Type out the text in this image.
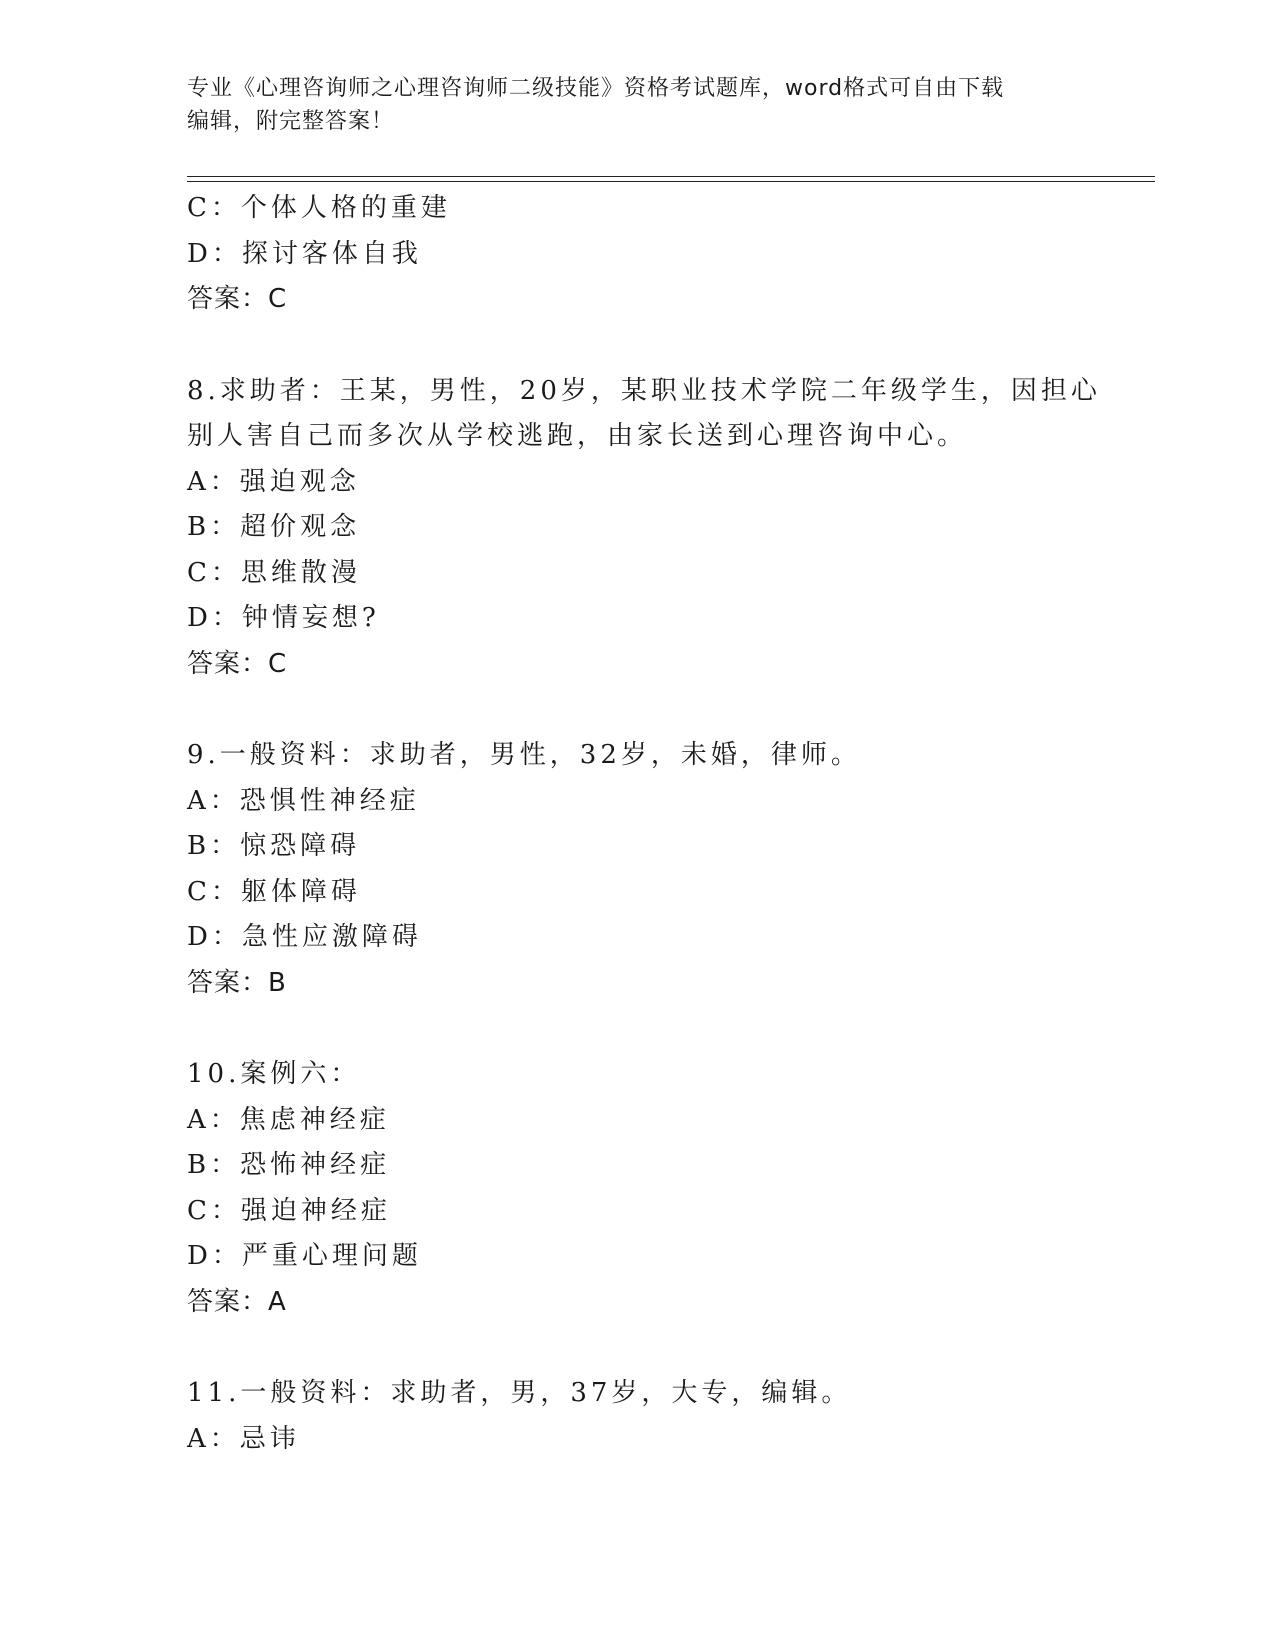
专业《心理咨询师之心理咨询师二级技能》资格考试题库，word格式可自由下载
编辑，附完整答案！
C：个体人格的重建
D：探讨客体自我
答案：C
8.求助者：王某，男性，20岁，某职业技术学院二年级学生，因担心
别人害自己而多次从学校逃跑，由家长送到心理咨询中心。
A：强迫观念
B：超价观念
C：思维散漫
D：钟情妄想?
答案：C
9.一般资料：求助者，男性，32岁，未婚，律师。
A：恐惧性神经症
B：惊恐障碍
C：躯体障碍
D：急性应激障碍
答案：B
10.案例六：
A：焦虑神经症
B：恐怖神经症
C：强迫神经症
D：严重心理问题
答案：A
11.一般资料：求助者，男，37岁，大专，编辑。
A：忌讳
